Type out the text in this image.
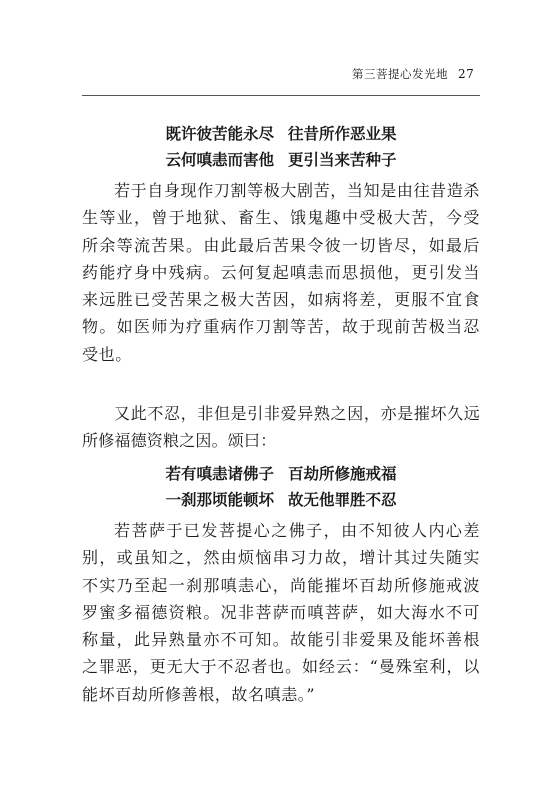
第三菩提心发光地 27
既许彼苦能永尽 往昔所作恶业果
云何嗔恚而害他 更引当来苦种子
若于自身现作刀割等极大剧苦，当知是由往昔造杀生等业，曾于地狱、畜生、饿鬼趣中受极大苦，今受所余等流苦果。由此最后苦果令彼一切皆尽，如最后药能疗身中残病。云何复起嗔恚而思损他，更引发当来远胜已受苦果之极大苦因，如病将差，更服不宜食物。如医师为疗重病作刀割等苦，故于现前苦极当忍受也。
又此不忍，非但是引非爱异熟之因，亦是摧坏久远所修福德资粮之因。颂曰：
若有嗔恚诸佛子 百劫所修施戒福
一刹那顷能顿坏 故无他罪胜不忍
若菩萨于已发菩提心之佛子，由不知彼人内心差别，或虽知之，然由烦恼串习力故，增计其过失随实不实乃至起一刹那嗔恚心，尚能摧坏百劫所修施戒波罗蜜多福德资粮。况非菩萨而嗔菩萨，如大海水不可称量，此异熟量亦不可知。故能引非爱果及能坏善根之罪恶，更无大于不忍者也。如经云：“曼殊室利，以能坏百劫所修善根，故名嗔恚。”
